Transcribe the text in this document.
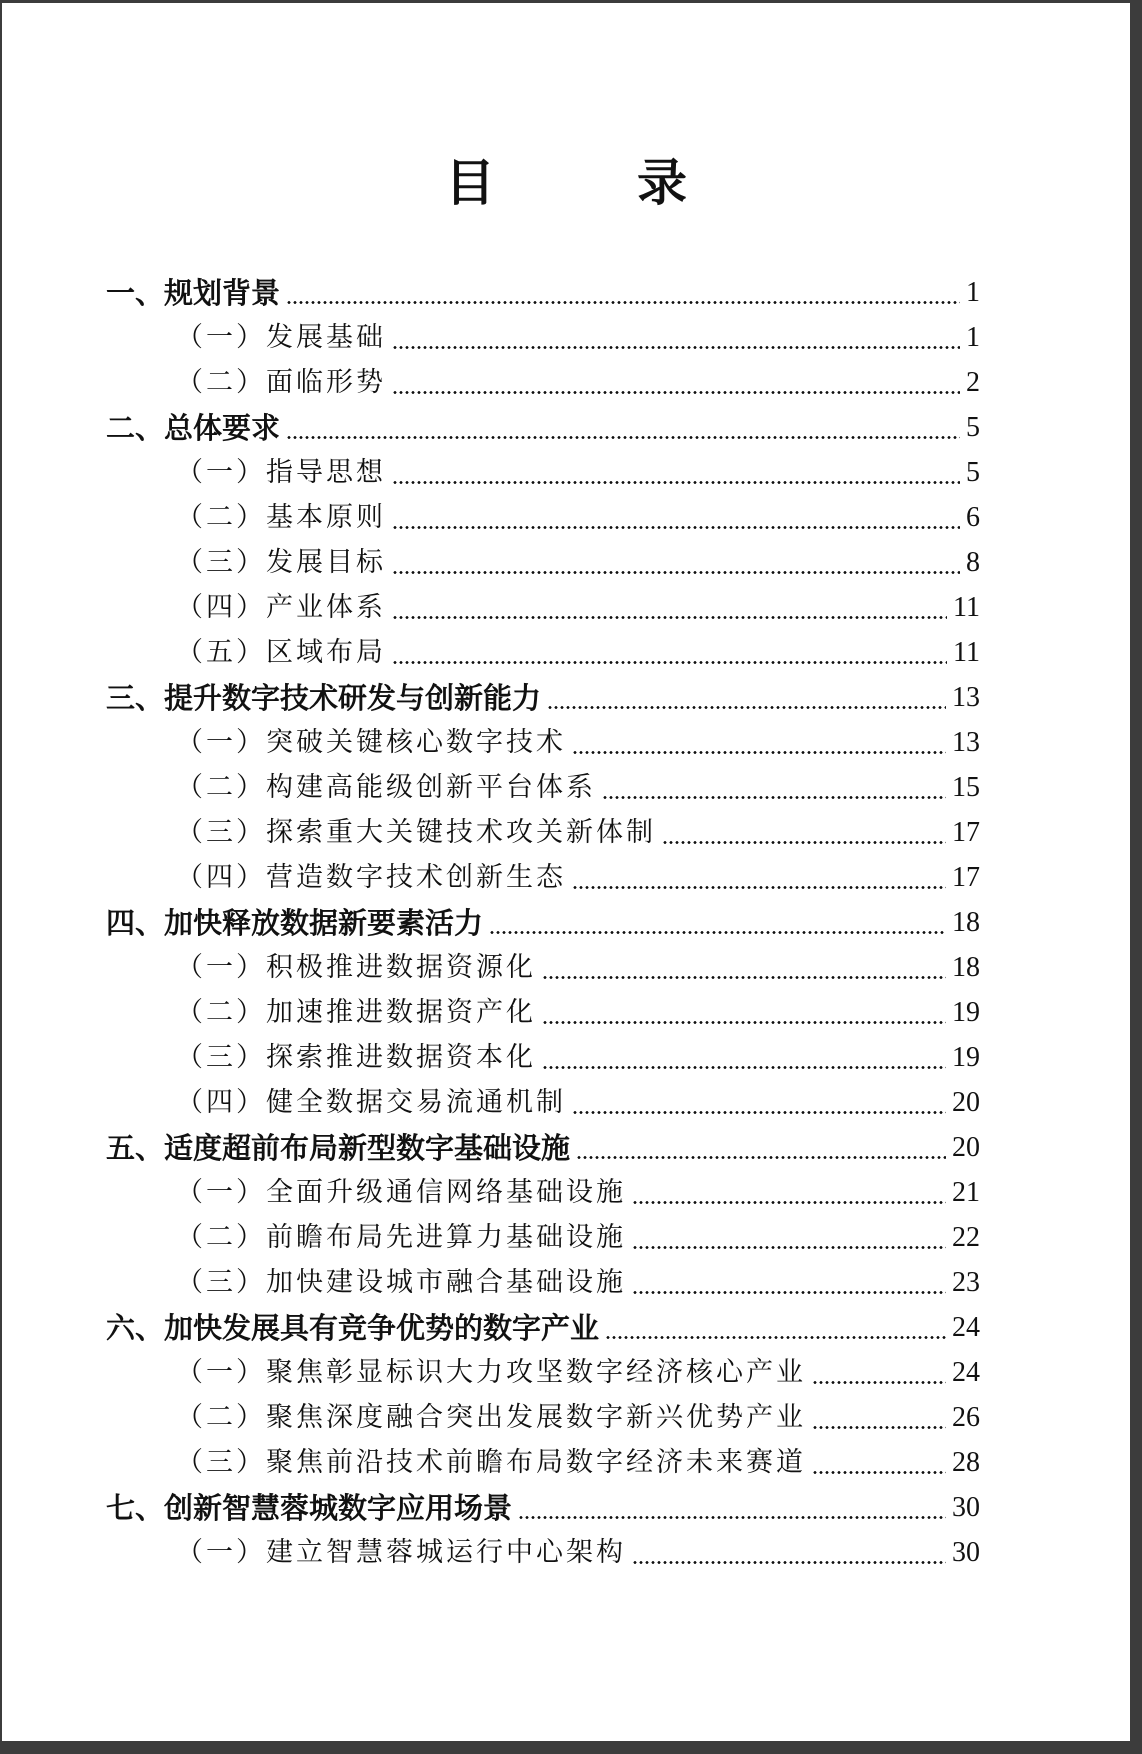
目　录
一、规划背景	1
（一）发展基础	1
（二）面临形势	2
二、总体要求	5
（一）指导思想	5
（二）基本原则	6
（三）发展目标	8
（四）产业体系	11
（五）区域布局	11
三、提升数字技术研发与创新能力	13
（一）突破关键核心数字技术	13
（二）构建高能级创新平台体系	15
（三）探索重大关键技术攻关新体制	17
（四）营造数字技术创新生态	17
四、加快释放数据新要素活力	18
（一）积极推进数据资源化	18
（二）加速推进数据资产化	19
（三）探索推进数据资本化	19
（四）健全数据交易流通机制	20
五、适度超前布局新型数字基础设施	20
（一）全面升级通信网络基础设施	21
（二）前瞻布局先进算力基础设施	22
（三）加快建设城市融合基础设施	23
六、加快发展具有竞争优势的数字产业	24
（一）聚焦彰显标识大力攻坚数字经济核心产业	24
（二）聚焦深度融合突出发展数字新兴优势产业	26
（三）聚焦前沿技术前瞻布局数字经济未来赛道	28
七、创新智慧蓉城数字应用场景	30
（一）建立智慧蓉城运行中心架构	30
